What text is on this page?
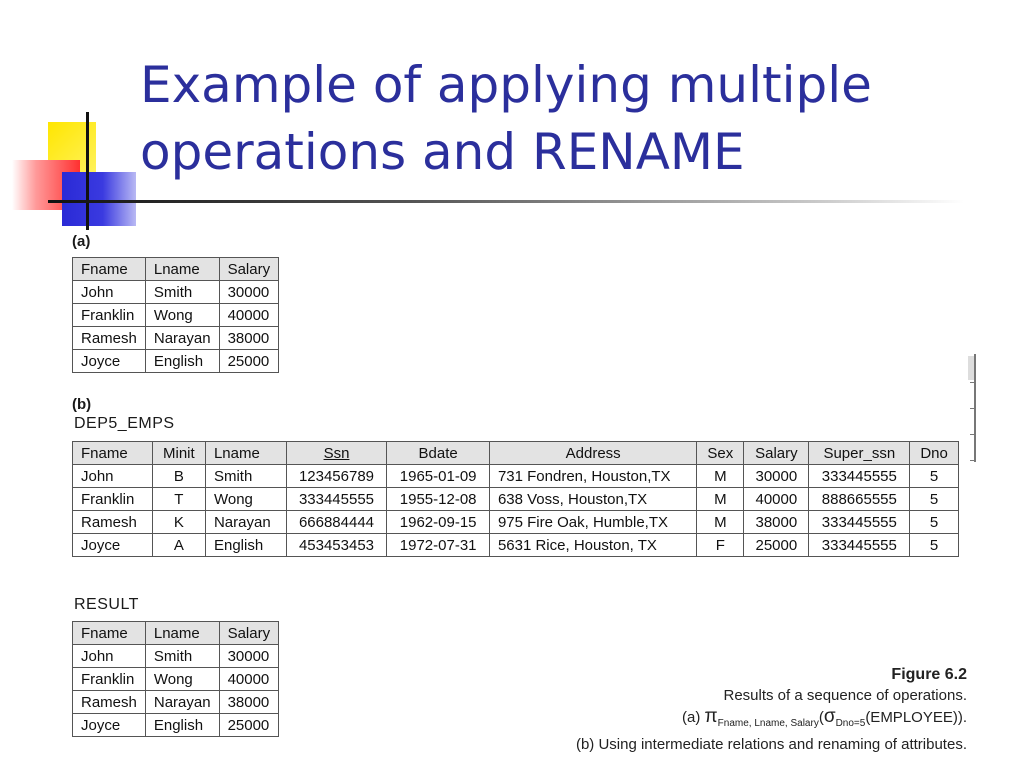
Example of applying multiple
operations and RENAME
(a)
Fname	Lname	Salary
John	Smith	30000
Franklin	Wong	40000
Ramesh	Narayan	38000
Joyce	English	25000
(b)
DEP5_EMPS
Fname	Minit	Lname	Ssn	Bdate	Address	Sex	Salary	Super_ssn	Dno
John	B	Smith	123456789	1965-01-09	731 Fondren, Houston,TX	M	30000	333445555	5
Franklin	T	Wong	333445555	1955-12-08	638 Voss, Houston,TX	M	40000	888665555	5
Ramesh	K	Narayan	666884444	1962-09-15	975 Fire Oak, Humble,TX	M	38000	333445555	5
Joyce	A	English	453453453	1972-07-31	5631 Rice, Houston, TX	F	25000	333445555	5
RESULT
Fname	Lname	Salary
John	Smith	30000
Franklin	Wong	40000
Ramesh	Narayan	38000
Joyce	English	25000
Figure 6.2
Results of a sequence of operations.
(a) $\pi_{Fname, Lname, Salary}(\sigma_{Dno=5}(EMPLOYEE))$.
(b) Using intermediate relations and renaming of attributes.
